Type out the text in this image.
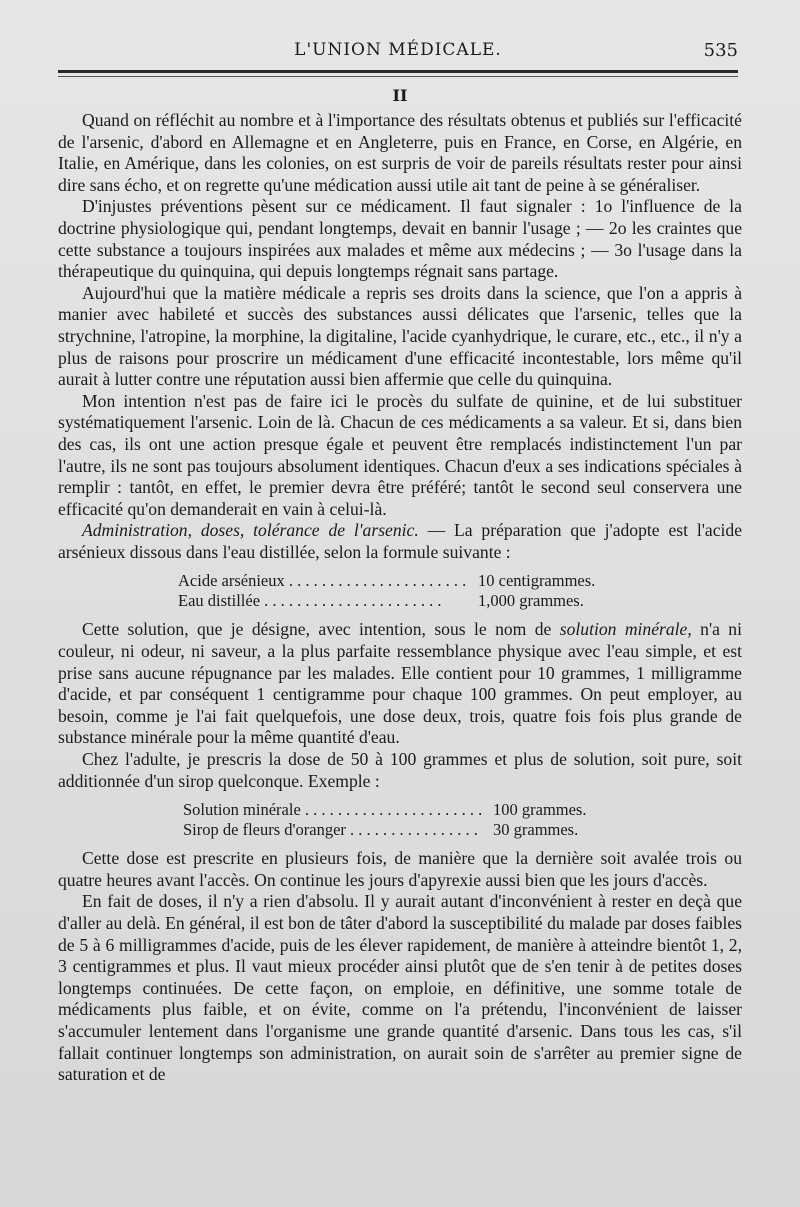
L'UNION MÉDICALE.	535
II

Quand on réfléchit au nombre et à l'importance des résultats obtenus et publiés sur l'efficacité de l'arsenic, d'abord en Allemagne et en Angleterre, puis en France, en Corse, en Algérie, en Italie, en Amérique, dans les colonies, on est surpris de voir de pareils résultats rester pour ainsi dire sans écho, et on regrette qu'une médication aussi utile ait tant de peine à se généraliser.

D'injustes préventions pèsent sur ce médicament. Il faut signaler : 1o l'influence de la doctrine physiologique qui, pendant longtemps, devait en bannir l'usage ; — 2o les craintes que cette substance a toujours inspirées aux malades et même aux médecins ; — 3o l'usage dans la thérapeutique du quinquina, qui depuis longtemps régnait sans partage.

Aujourd'hui que la matière médicale a repris ses droits dans la science, que l'on a appris à manier avec habileté et succès des substances aussi délicates que l'arsenic, telles que la strychnine, l'atropine, la morphine, la digitaline, l'acide cyanhydrique, le curare, etc., etc., il n'y a plus de raisons pour proscrire un médicament d'une efficacité incontestable, lors même qu'il aurait à lutter contre une réputation aussi bien affermie que celle du quinquina.

Mon intention n'est pas de faire ici le procès du sulfate de quinine, et de lui substituer systématiquement l'arsenic. Loin de là. Chacun de ces médicaments a sa valeur. Et si, dans bien des cas, ils ont une action presque égale et peuvent être remplacés indistinctement l'un par l'autre, ils ne sont pas toujours absolument identiques. Chacun d'eux a ses indications spéciales à remplir : tantôt, en effet, le premier devra être préféré; tantôt le second seul conservera une efficacité qu'on demanderait en vain à celui-là.

Administration, doses, tolérance de l'arsenic. — La préparation que j'adopte est l'acide arsénieux dissous dans l'eau distillée, selon la formule suivante :

Acide arsénieux . . .	10 centigrammes.
Eau distillée . . .	1,000 grammes.

Cette solution, que je désigne, avec intention, sous le nom de solution minérale, n'a ni couleur, ni odeur, ni saveur, a la plus parfaite ressemblance physique avec l'eau simple, et est prise sans aucune répugnance par les malades. Elle contient pour 10 grammes, 1 milligramme d'acide, et par conséquent 1 centigramme pour chaque 100 grammes. On peut employer, au besoin, comme je l'ai fait quelquefois, une dose deux, trois, quatre fois fois plus grande de substance minérale pour la même quantité d'eau.

Chez l'adulte, je prescris la dose de 50 à 100 grammes et plus de solution, soit pure, soit additionnée d'un sirop quelconque. Exemple :

Solution minérale . . .	100 grammes.
Sirop de fleurs d'oranger . . .	30 grammes.

Cette dose est prescrite en plusieurs fois, de manière que la dernière soit avalée trois ou quatre heures avant l'accès. On continue les jours d'apyrexie aussi bien que les jours d'accès.

En fait de doses, il n'y a rien d'absolu. Il y aurait autant d'inconvénient à rester en deçà que d'aller au delà. En général, il est bon de tâter d'abord la susceptibilité du malade par doses faibles de 5 à 6 milligrammes d'acide, puis de les élever rapidement, de manière à atteindre bientôt 1, 2, 3 centigrammes et plus. Il vaut mieux procéder ainsi plutôt que de s'en tenir à de petites doses longtemps continuées. De cette façon, on emploie, en définitive, une somme totale de médicaments plus faible, et on évite, comme on l'a prétendu, l'inconvénient de laisser s'accumuler lentement dans l'organisme une grande quantité d'arsenic. Dans tous les cas, s'il fallait continuer longtemps son administration, on aurait soin de s'arrêter au premier signe de saturation et de
